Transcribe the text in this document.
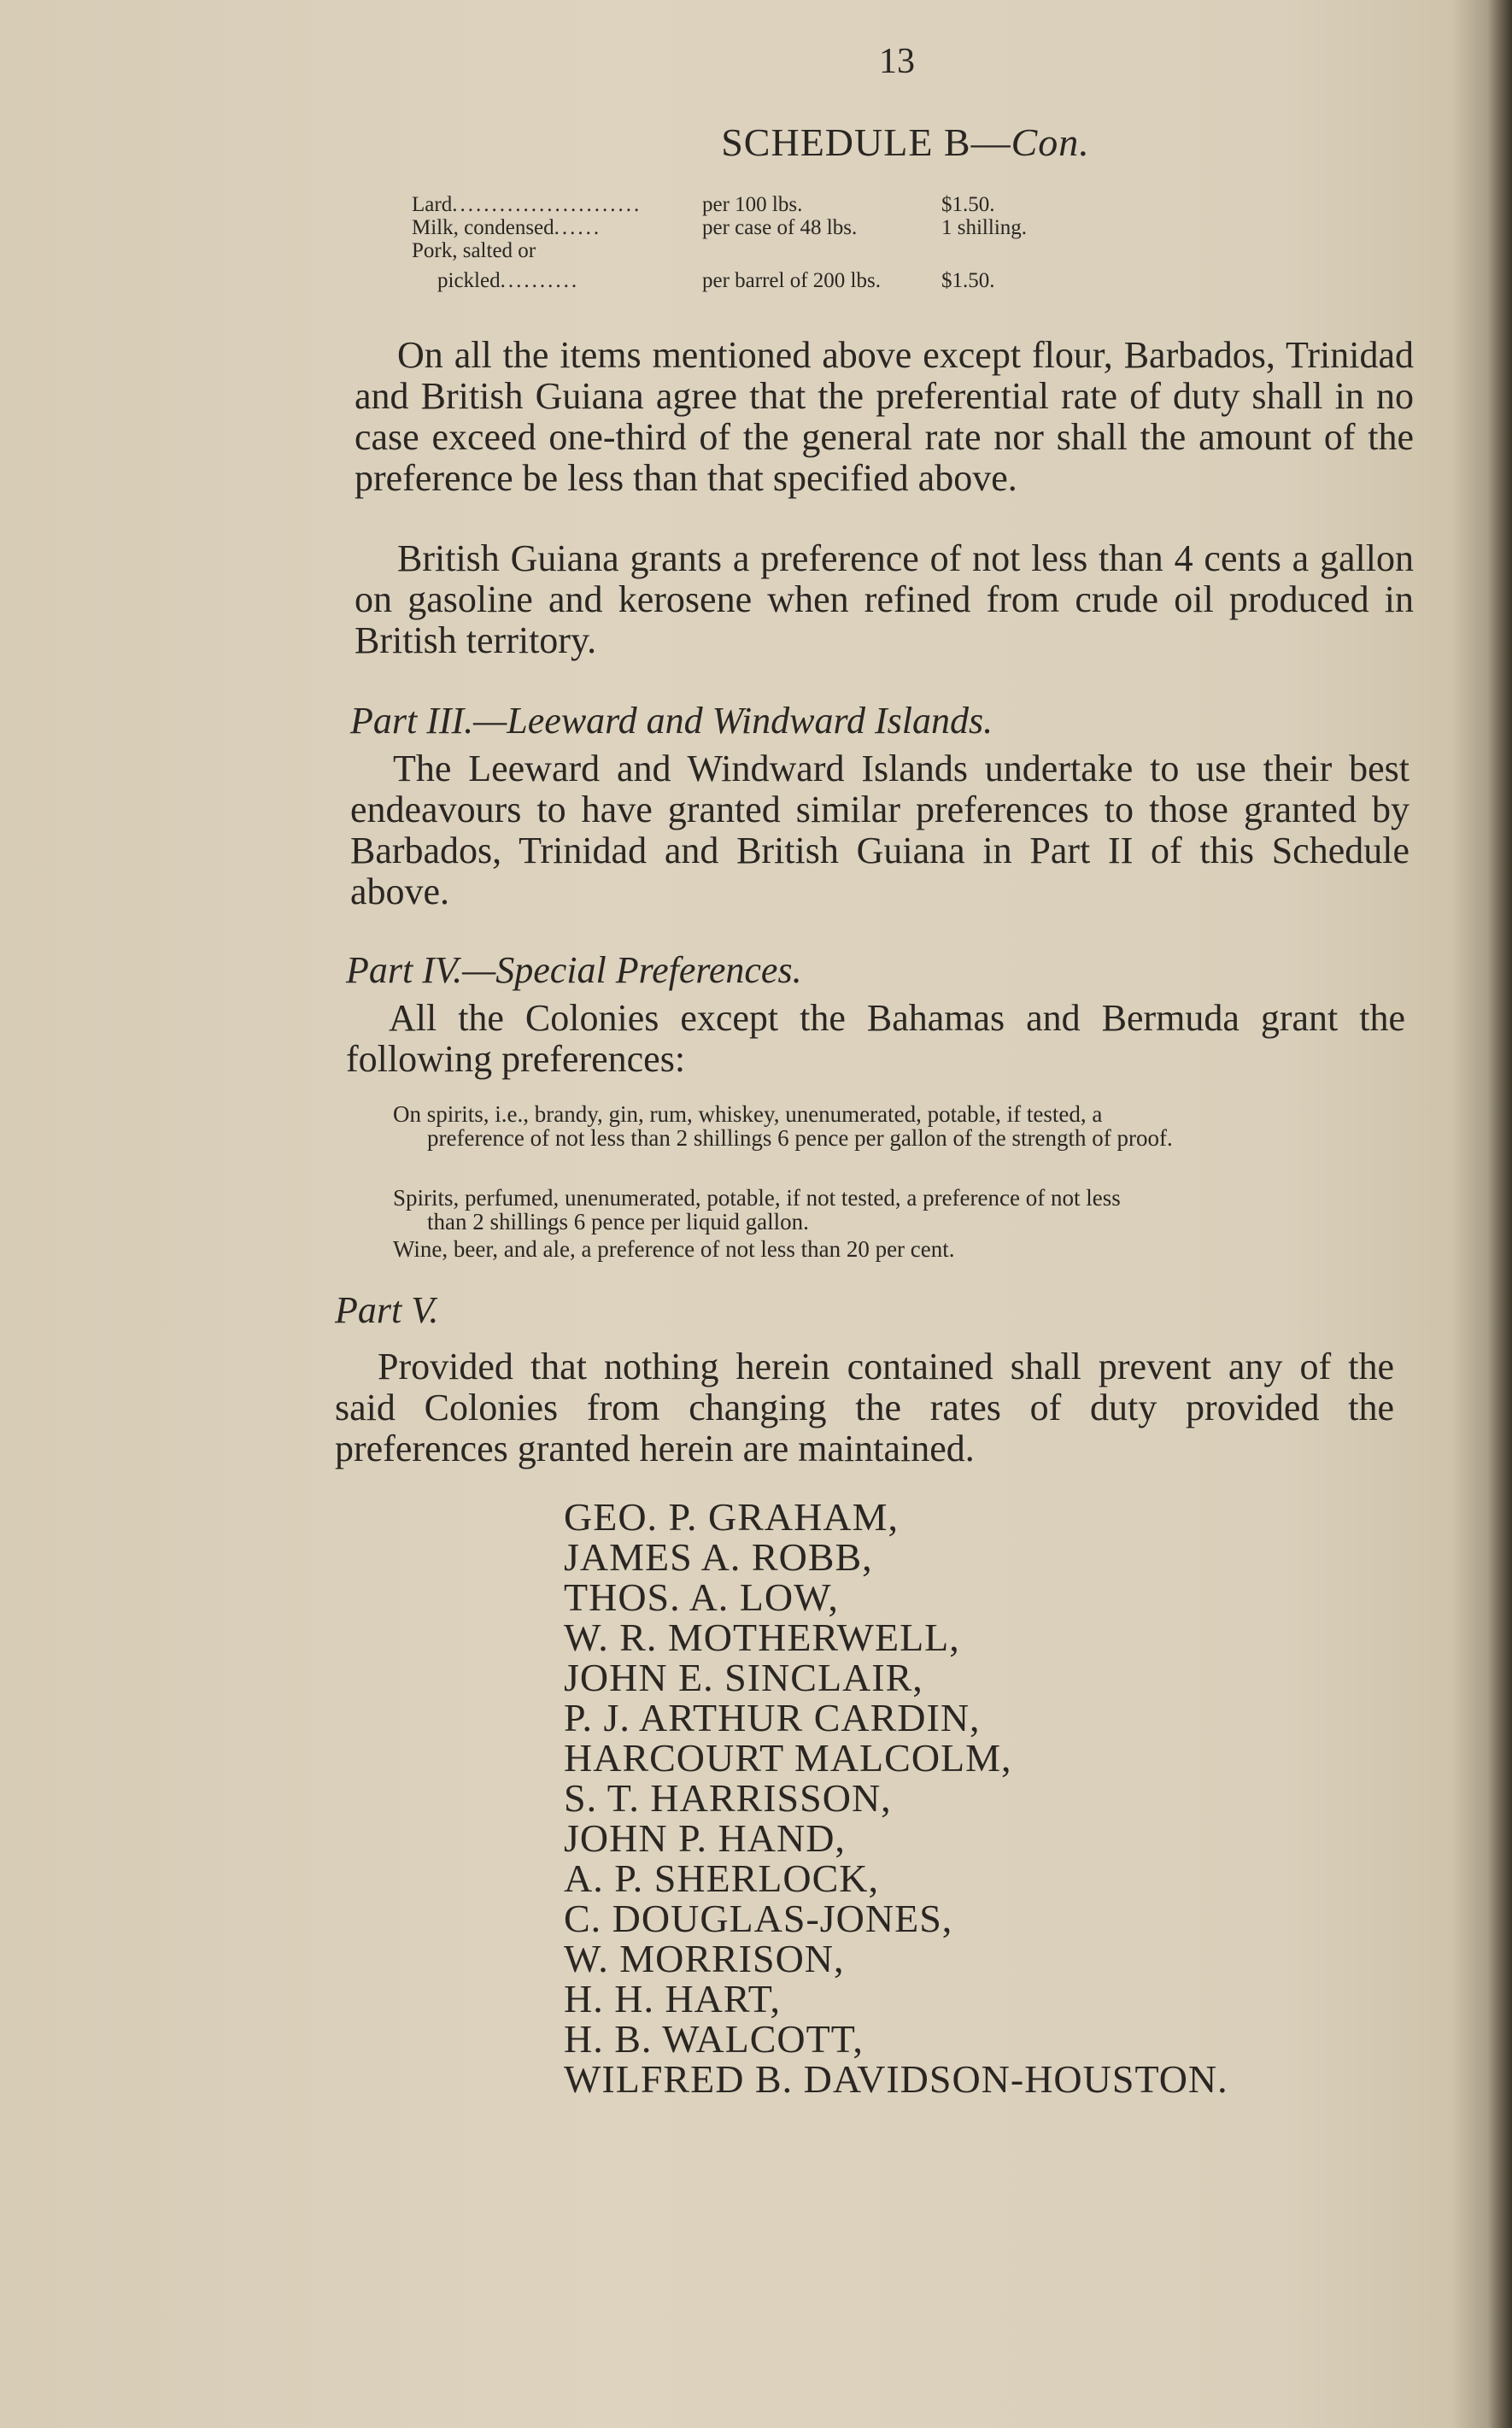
13
SCHEDULE B—Con.
Lard........................	per 100 lbs.	$1.50.
Milk, condensed......	per case of 48 lbs.	1 shilling.
Pork, salted or
pickled..........	per barrel of 200 lbs.	$1.50.
On all the items mentioned above except flour, Barbados, Trinidad and British Guiana agree that the preferential rate of duty shall in no case exceed one-third of the general rate nor shall the amount of the preference be less than that specified above.
British Guiana grants a preference of not less than 4 cents a gallon on gasoline and kerosene when refined from crude oil produced in British territory.
Part III.—Leeward and Windward Islands.
The Leeward and Windward Islands undertake to use their best endeavours to have granted similar preferences to those granted by Barbados, Trinidad and British Guiana in Part II of this Schedule above.
Part IV.—Special Preferences.
All the Colonies except the Bahamas and Bermuda grant the following preferences:
On spirits, i.e., brandy, gin, rum, whiskey, unenumerated, potable, if tested, a
preference of not less than 2 shillings 6 pence per gallon of the strength of proof.
Spirits, perfumed, unenumerated, potable, if not tested, a preference of not less
than 2 shillings 6 pence per liquid gallon.
Wine, beer, and ale, a preference of not less than 20 per cent.
Part V.
Provided that nothing herein contained shall prevent any of the said Colonies from changing the rates of duty provided the preferences granted herein are maintained.
GEO. P. GRAHAM,
JAMES A. ROBB,
THOS. A. LOW,
W. R. MOTHERWELL,
JOHN E. SINCLAIR,
P. J. ARTHUR CARDIN,
HARCOURT MALCOLM,
S. T. HARRISSON,
JOHN P. HAND,
A. P. SHERLOCK,
C. DOUGLAS-JONES,
W. MORRISON,
H. H. HART,
H. B. WALCOTT,
WILFRED B. DAVIDSON-HOUSTON.
